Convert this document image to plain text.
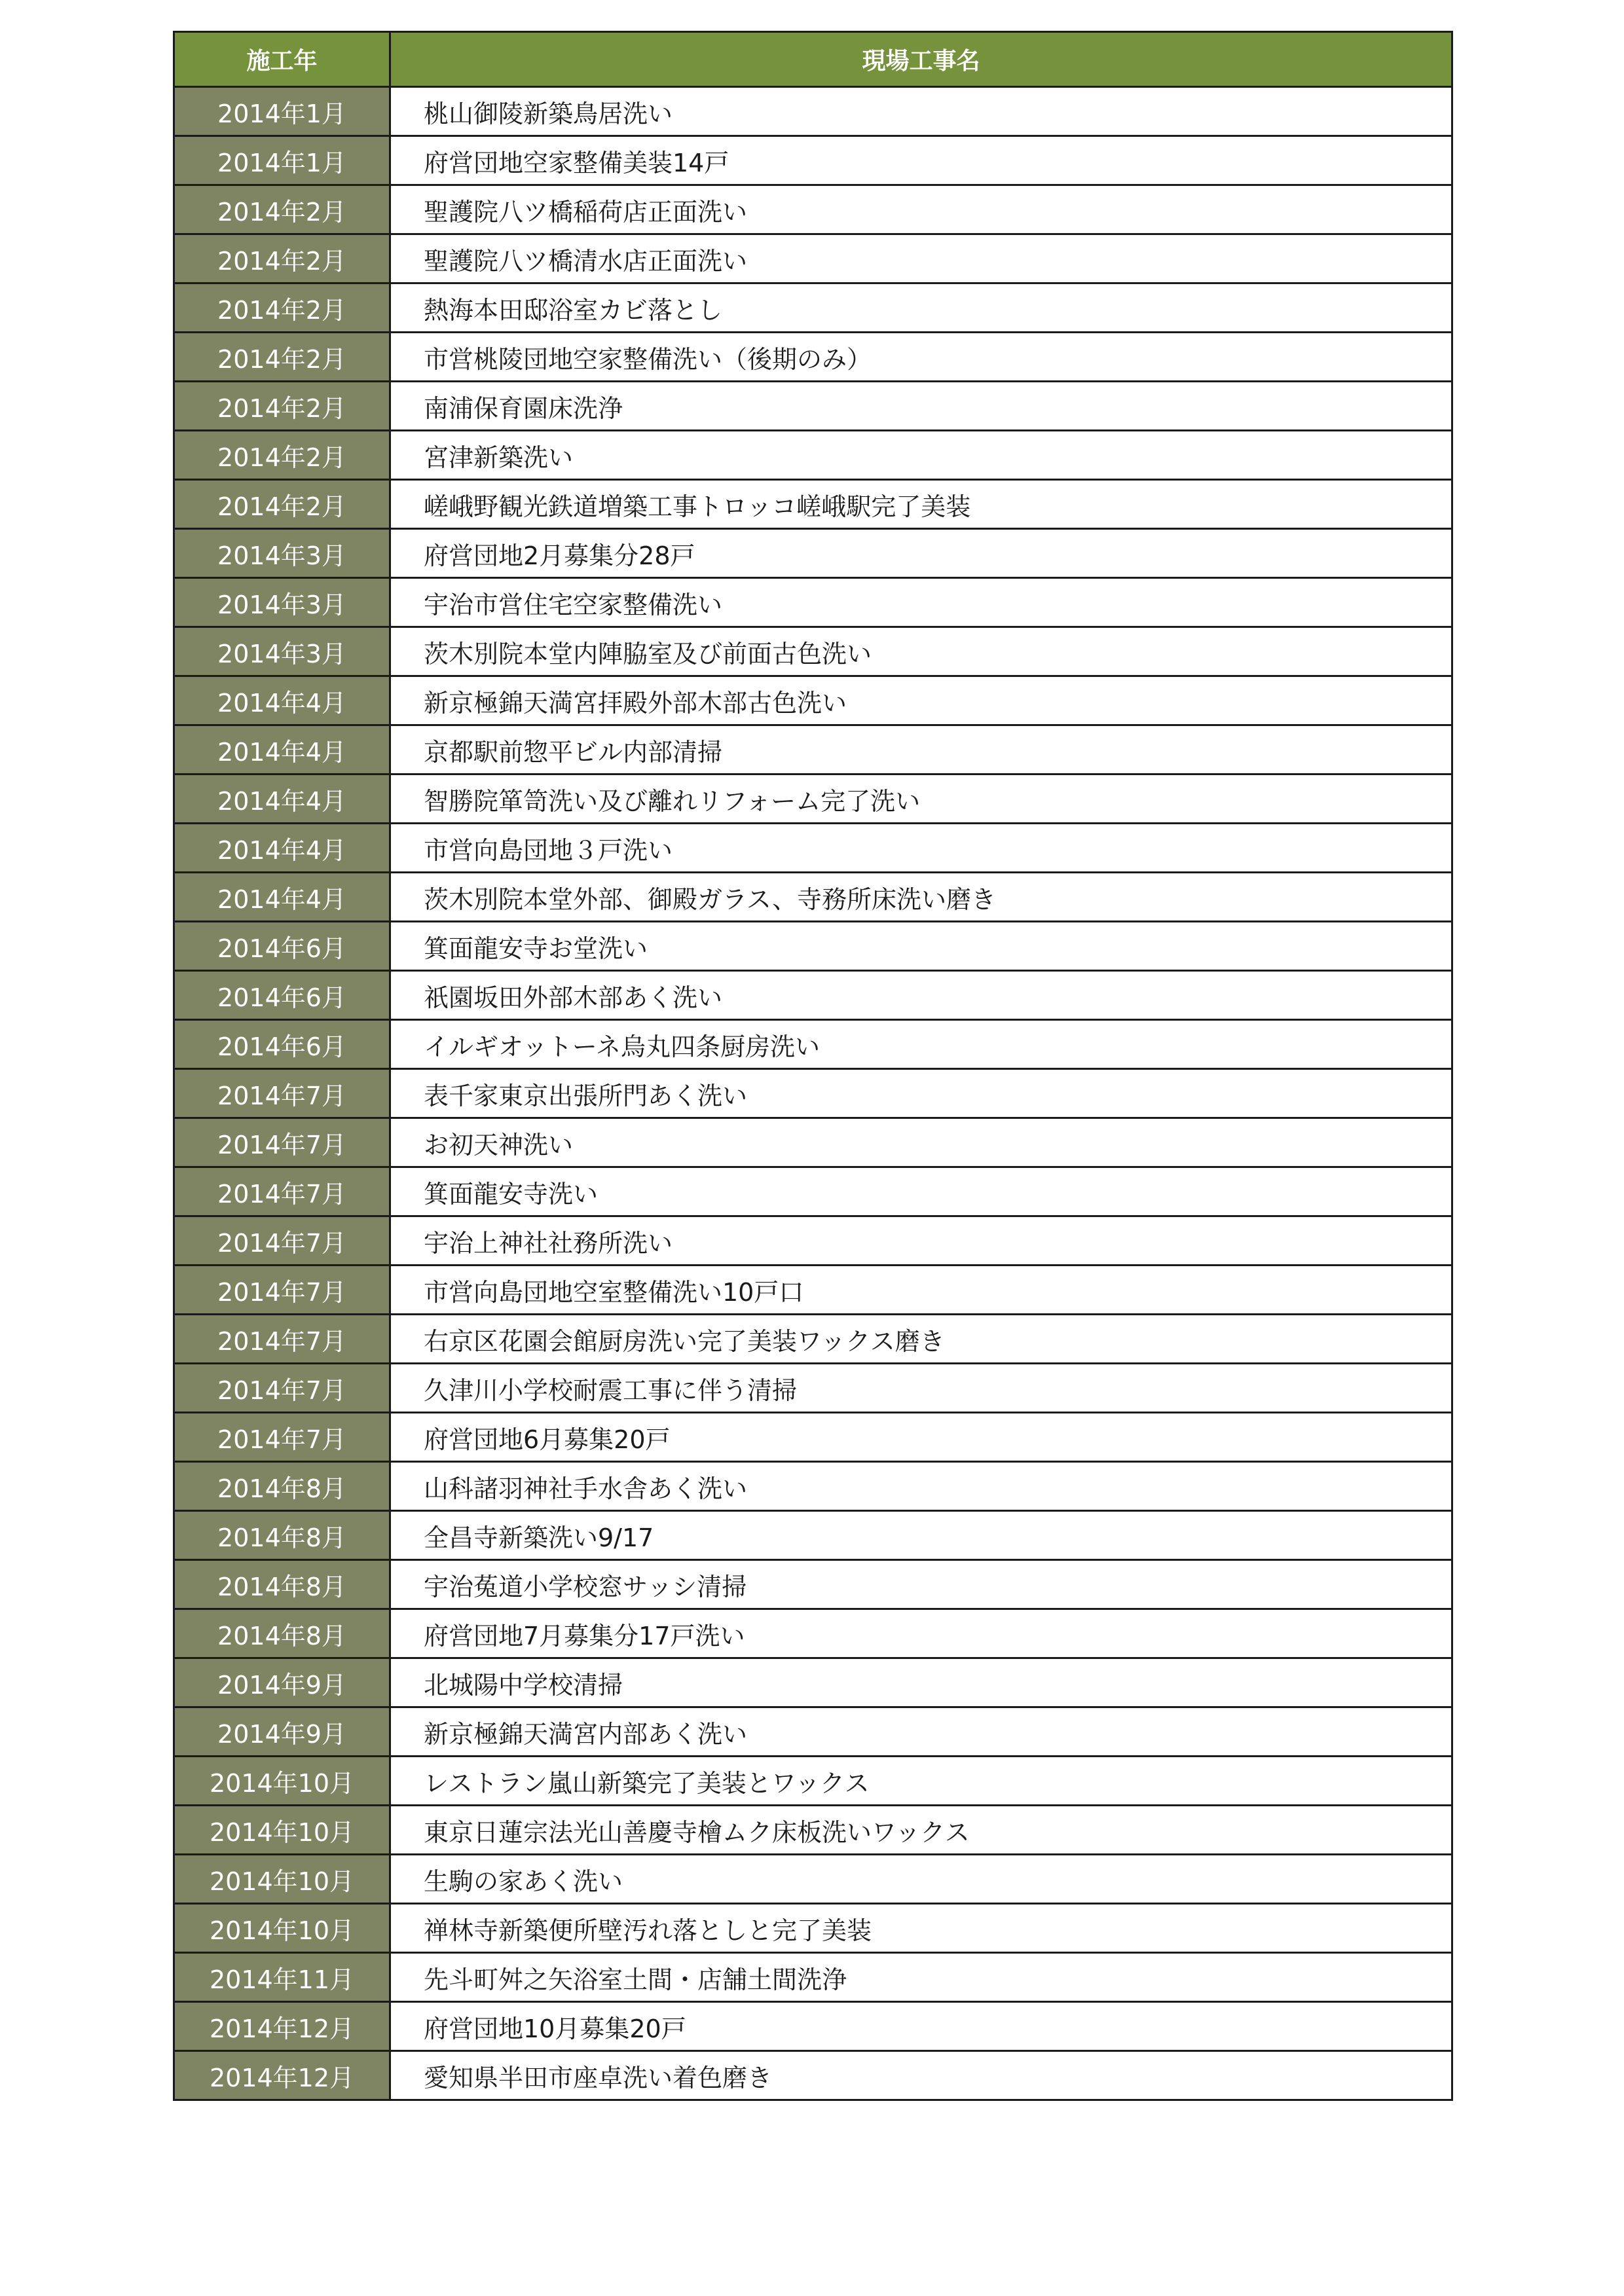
施工年	現場工事名
2014年1月	桃山御陵新築鳥居洗い
2014年1月	府営団地空家整備美装14戸
2014年2月	聖護院八ツ橋稲荷店正面洗い
2014年2月	聖護院八ツ橋清水店正面洗い
2014年2月	熱海本田邸浴室カビ落とし
2014年2月	市営桃陵団地空家整備洗い（後期のみ）
2014年2月	南浦保育園床洗浄
2014年2月	宮津新築洗い
2014年2月	嵯峨野観光鉄道増築工事トロッコ嵯峨駅完了美装
2014年3月	府営団地2月募集分28戸
2014年3月	宇治市営住宅空家整備洗い
2014年3月	茨木別院本堂内陣脇室及び前面古色洗い
2014年4月	新京極錦天満宮拝殿外部木部古色洗い
2014年4月	京都駅前惣平ビル内部清掃
2014年4月	智勝院箪笥洗い及び離れリフォーム完了洗い
2014年4月	市営向島団地３戸洗い
2014年4月	茨木別院本堂外部、御殿ガラス、寺務所床洗い磨き
2014年6月	箕面龍安寺お堂洗い
2014年6月	祇園坂田外部木部あく洗い
2014年6月	イルギオットーネ烏丸四条厨房洗い
2014年7月	表千家東京出張所門あく洗い
2014年7月	お初天神洗い
2014年7月	箕面龍安寺洗い
2014年7月	宇治上神社社務所洗い
2014年7月	市営向島団地空室整備洗い10戸口
2014年7月	右京区花園会館厨房洗い完了美装ワックス磨き
2014年7月	久津川小学校耐震工事に伴う清掃
2014年7月	府営団地6月募集20戸
2014年8月	山科諸羽神社手水舎あく洗い
2014年8月	全昌寺新築洗い9/17
2014年8月	宇治菟道小学校窓サッシ清掃
2014年8月	府営団地7月募集分17戸洗い
2014年9月	北城陽中学校清掃
2014年9月	新京極錦天満宮内部あく洗い
2014年10月	レストラン嵐山新築完了美装とワックス
2014年10月	東京日蓮宗法光山善慶寺檜ムク床板洗いワックス
2014年10月	生駒の家あく洗い
2014年10月	禅林寺新築便所壁汚れ落としと完了美装
2014年11月	先斗町舛之矢浴室土間・店舗土間洗浄
2014年12月	府営団地10月募集20戸
2014年12月	愛知県半田市座卓洗い着色磨き
